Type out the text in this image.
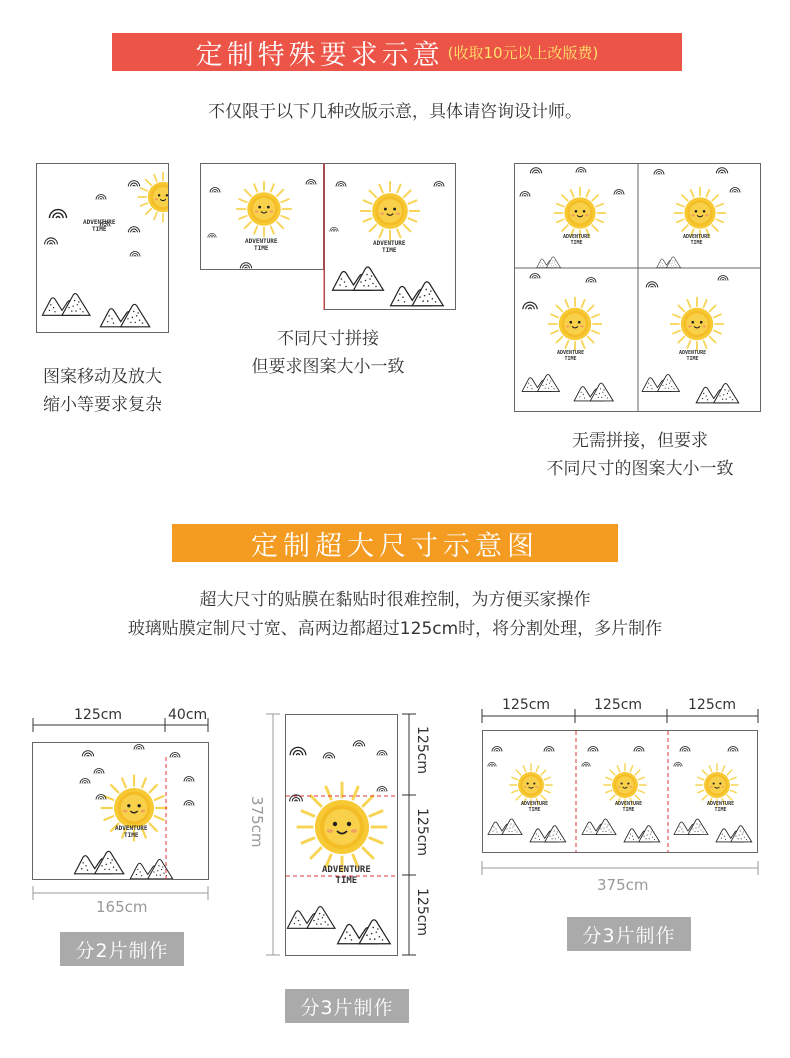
定制特殊要求示意 (收取10元以上改版费)
不仅限于以下几种改版示意，具体请咨询设计师。
ADVENTURE
TIME
图案移动及放大
缩小等要求复杂
ADVENTURE
TIME
ADVENTURE
TIME
不同尺寸拼接
但要求图案大小一致
ADVENTURE
TIME
ADVENTURE
TIME
ADVENTURE
TIME
ADVENTURE
TIME
无需拼接，但要求
不同尺寸的图案大小一致
定制超大尺寸示意图
超大尺寸的贴膜在黏贴时很难控制，为方便买家操作
玻璃贴膜定制尺寸宽、高两边都超过125cm时，将分割处理，多片制作
125cm	40cm
ADVENTURE
TIME
165cm
分2片制作
375cm
ADVENTURE
TIME
125cm
125cm
125cm
分3片制作
125cm	125cm	125cm
ADVENTURE
TIME
ADVENTURE
TIME
ADVENTURE
TIME
375cm
分3片制作
